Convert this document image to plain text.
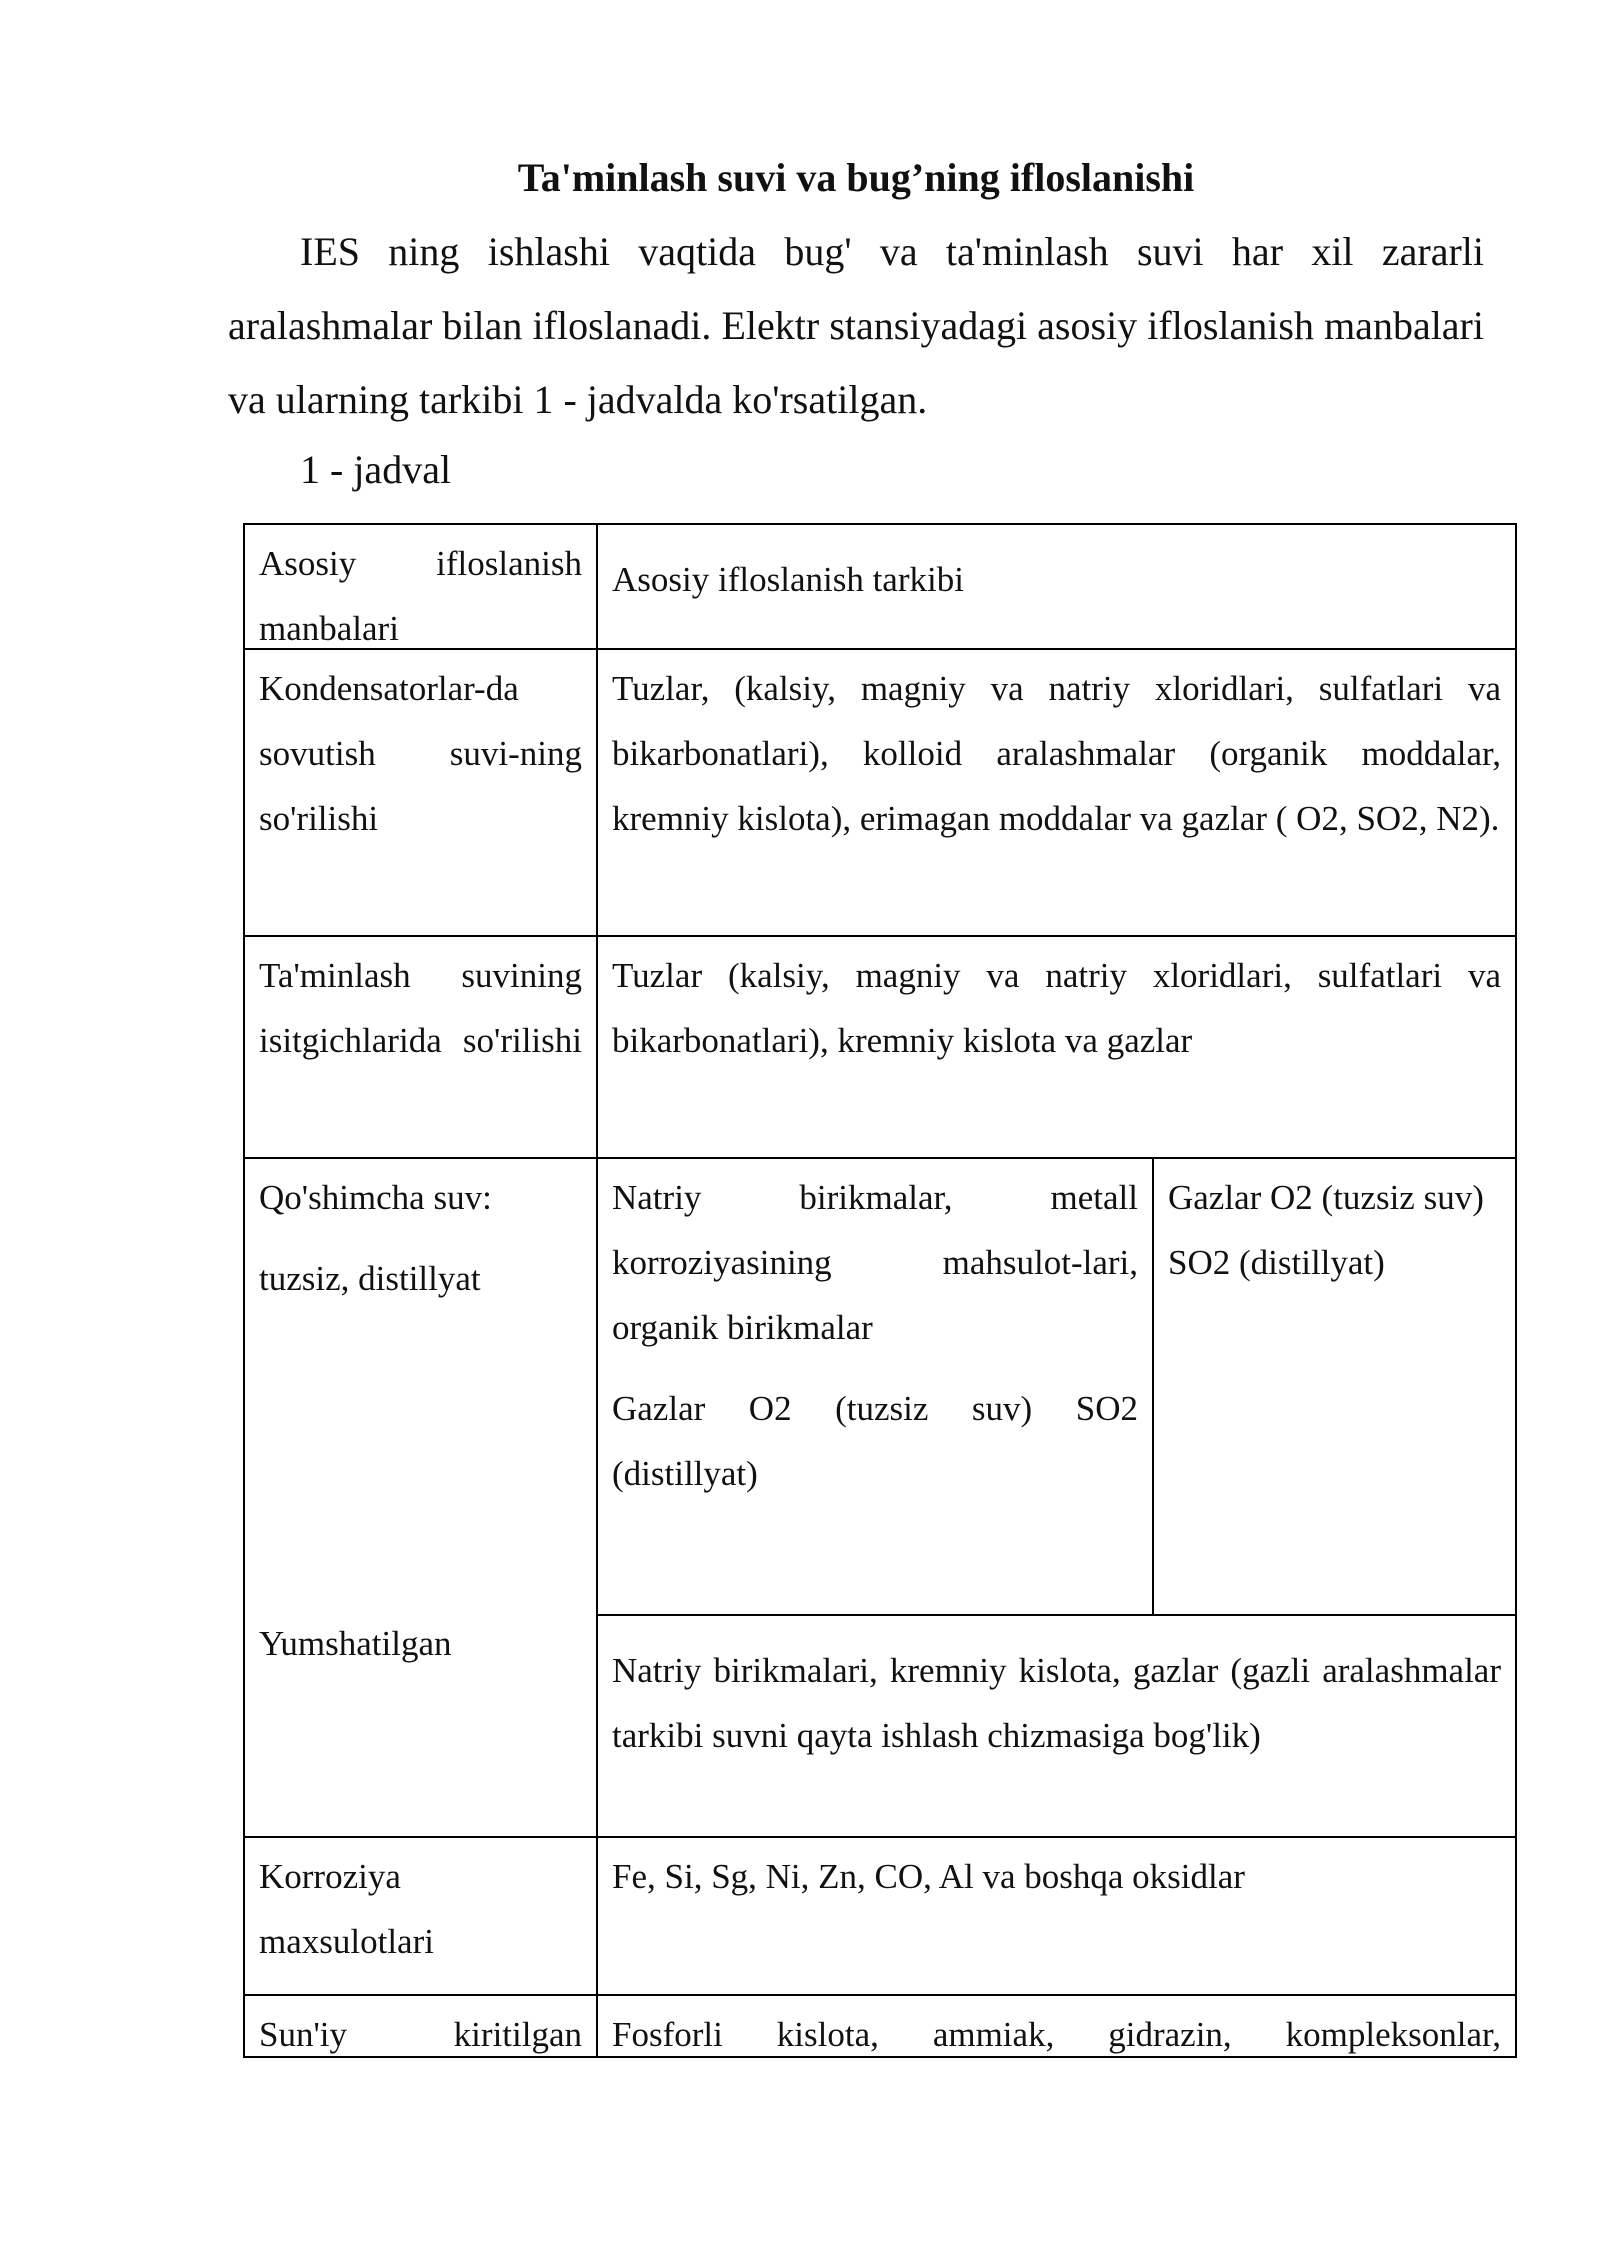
Ta'minlash suvi va bug’ning ifloslanishi

IES ning ishlashi vaqtida bug' va ta'minlash suvi har xil zararli aralashmalar bilan ifloslanadi. Elektr stansiyadagi asosiy ifloslanish manbalari va ularning tarkibi 1 - jadvalda ko'rsatilgan.

1 - jadval

Asosiy ifloslanish manbalari

Asosiy ifloslanish tarkibi

Kondensatorlar-da sovutish suvi-ning so'rilishi

Tuzlar, (kalsiy, magniy va natriy xloridlari, sulfatlari va bikarbonatlari), kolloid aralashmalar (organik moddalar, kremniy kislota), erimagan moddalar va gazlar ( O2, SO2, N2).

Ta'minlash suvining isitgichlarida so'rilishi

Tuzlar (kalsiy, magniy va natriy xloridlari, sulfatlari va bikarbonatlari), kremniy kislota va gazlar

Qo'shimcha suv:

tuzsiz, distillyat

Yumshatilgan

Natriy birikmalar, metall korroziyasining mahsulot-lari, organik birikmalar

Gazlar O2 (tuzsiz suv) SO2 (distillyat)

Gazlar O2 (tuzsiz suv) SO2 (distillyat)

Natriy birikmalari, kremniy kislota, gazlar (gazli aralashmalar tarkibi suvni qayta ishlash chizmasiga bog'lik)

Korroziya maxsulotlari

Fe, Si, Sg, Ni, Zn, CO, Al va boshqa oksidlar

Sun'iy kiritilgan Fosforli kislota, ammiak, gidrazin, kompleksonlar,
